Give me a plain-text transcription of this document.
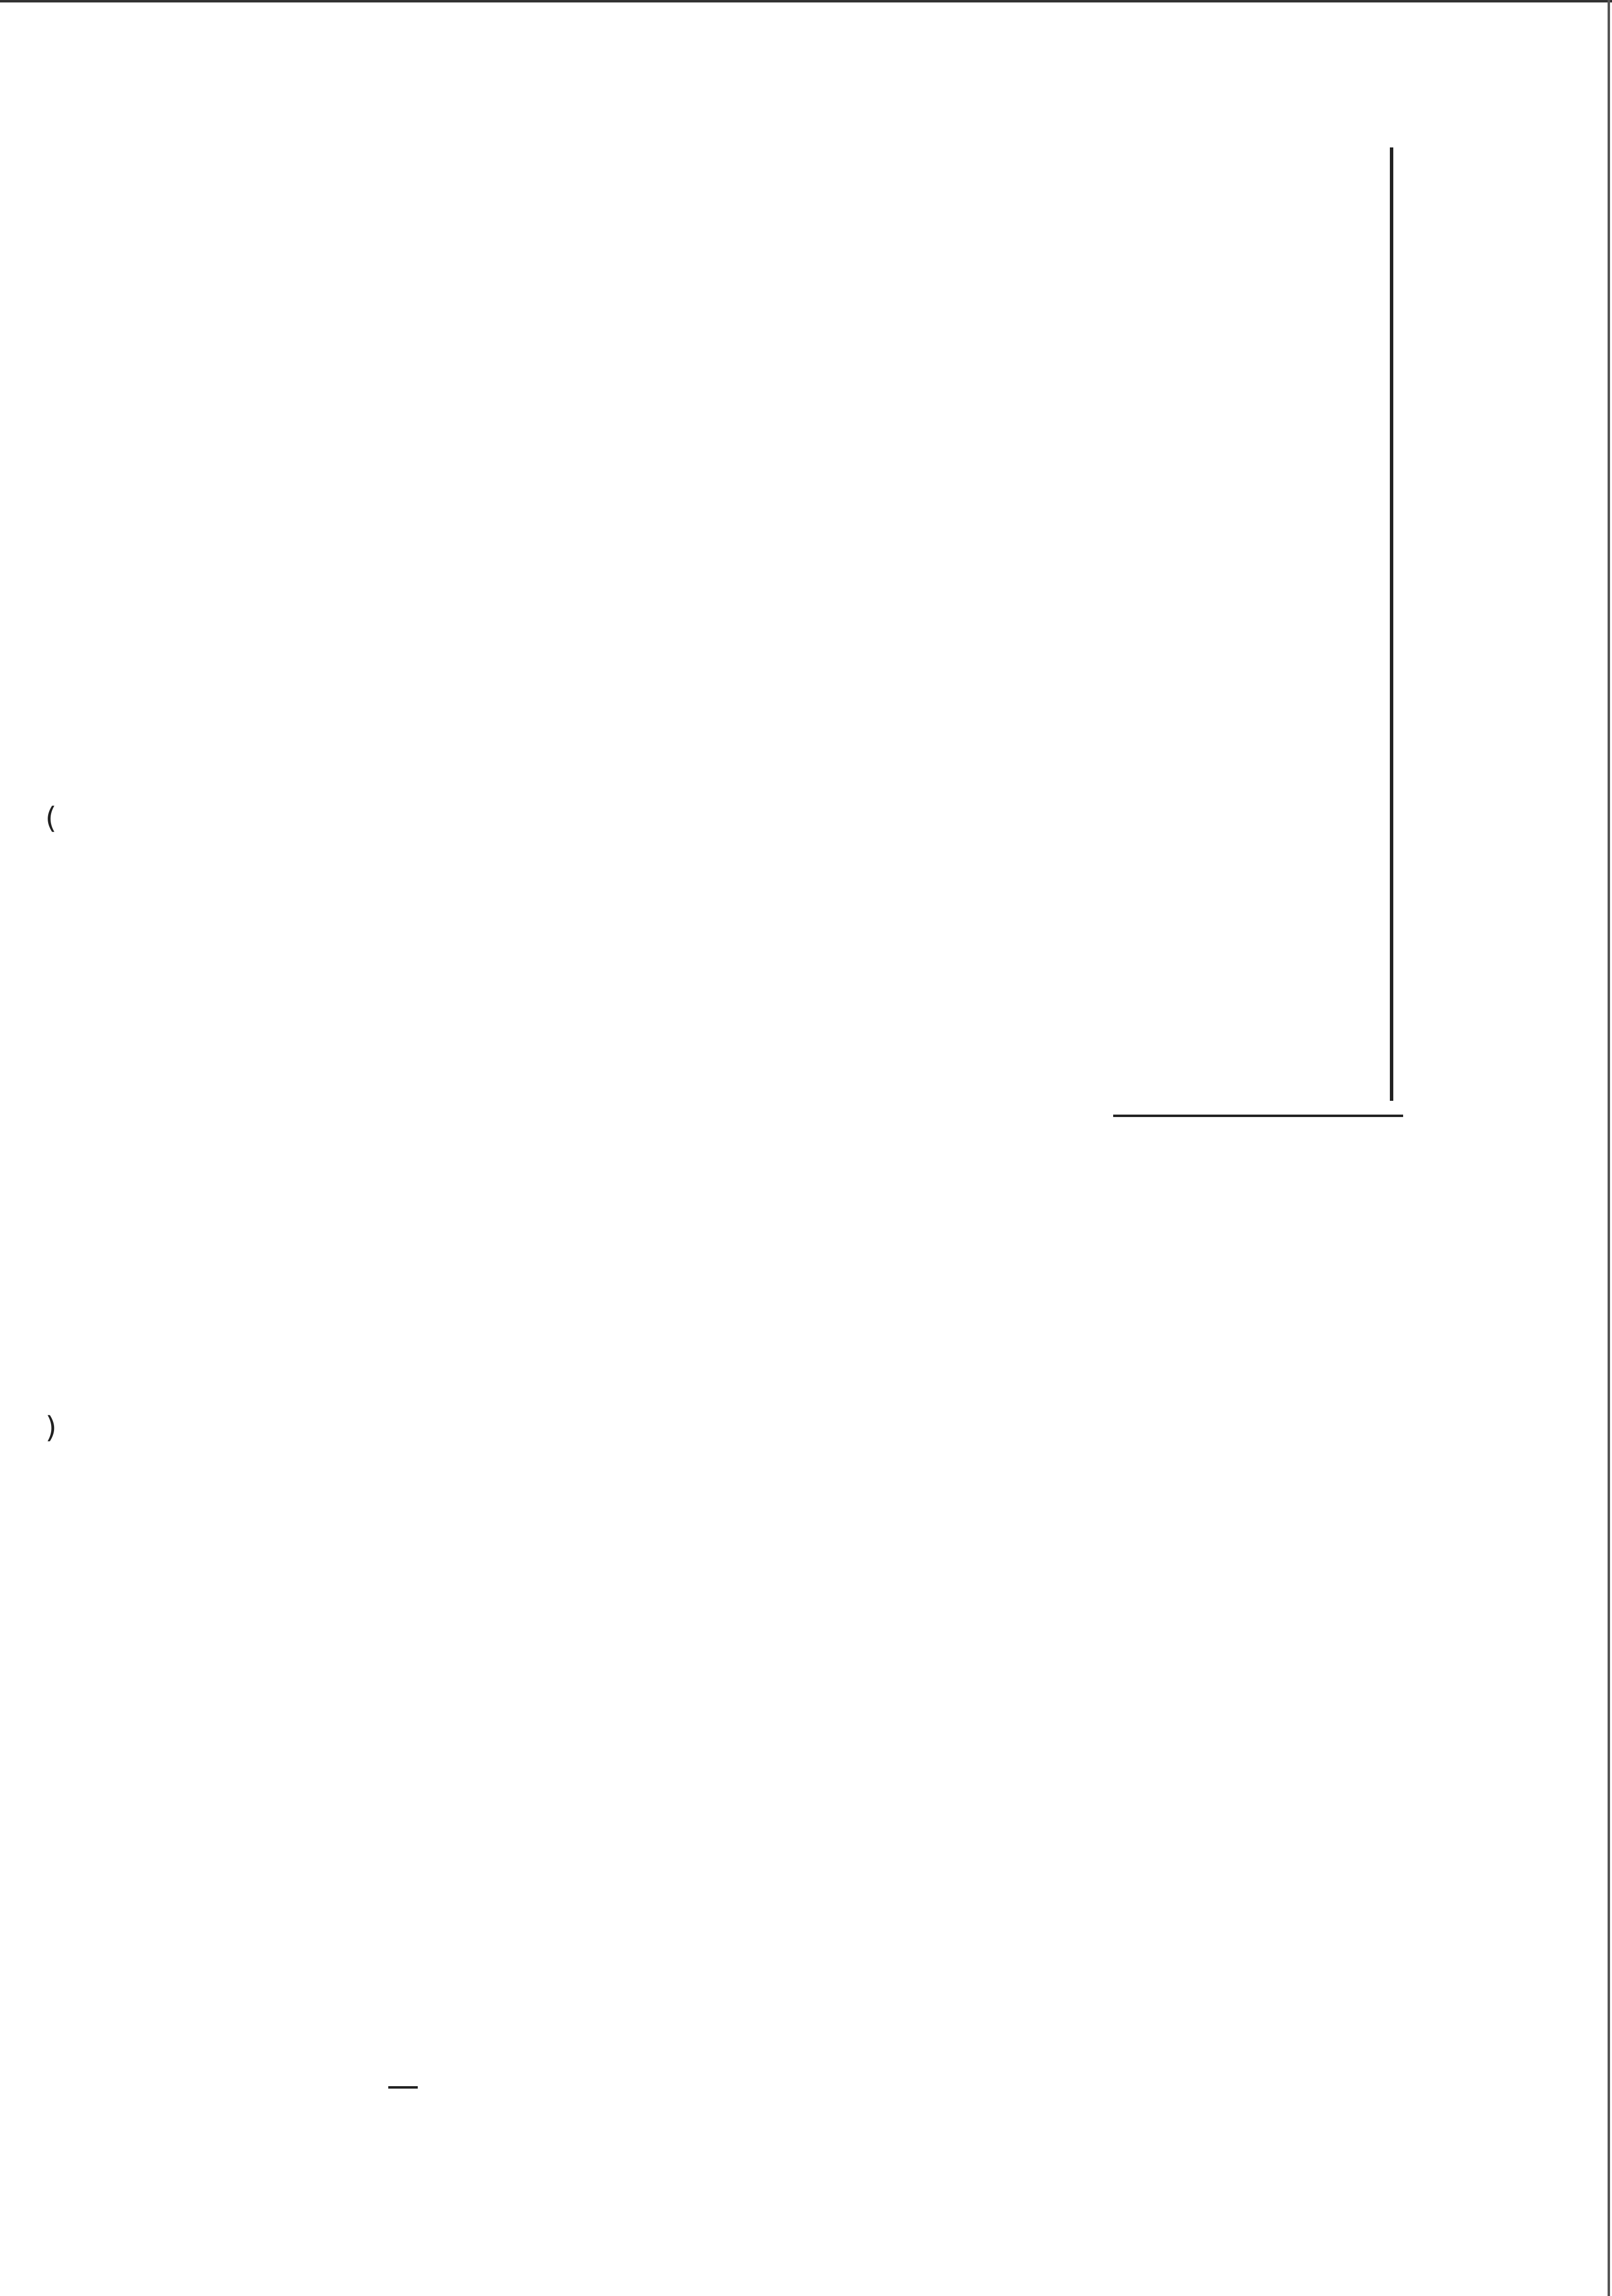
(
)
